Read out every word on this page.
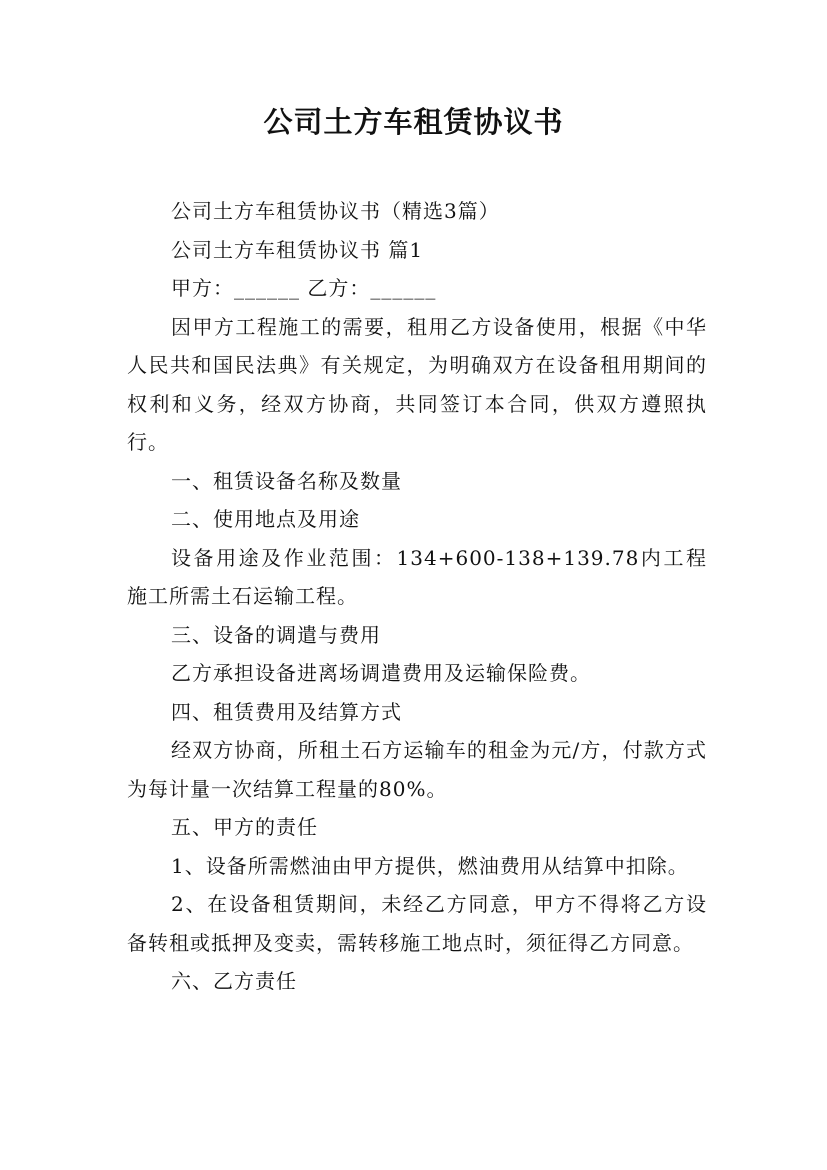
公司土方车租赁协议书

公司土方车租赁协议书（精选3篇）

公司土方车租赁协议书 篇1

甲方：______ 乙方：______

因甲方工程施工的需要，租用乙方设备使用，根据《中华人民共和国民法典》有关规定，为明确双方在设备租用期间的权利和义务，经双方协商，共同签订本合同，供双方遵照执行。

一、租赁设备名称及数量

二、使用地点及用途

设备用途及作业范围：134+600-138+139.78内工程施工所需土石运输工程。

三、设备的调遣与费用

乙方承担设备进离场调遣费用及运输保险费。

四、租赁费用及结算方式

经双方协商，所租土石方运输车的租金为元/方，付款方式为每计量一次结算工程量的80%。

五、甲方的责任

1、设备所需燃油由甲方提供，燃油费用从结算中扣除。

2、在设备租赁期间，未经乙方同意，甲方不得将乙方设备转租或抵押及变卖，需转移施工地点时，须征得乙方同意。

六、乙方责任
